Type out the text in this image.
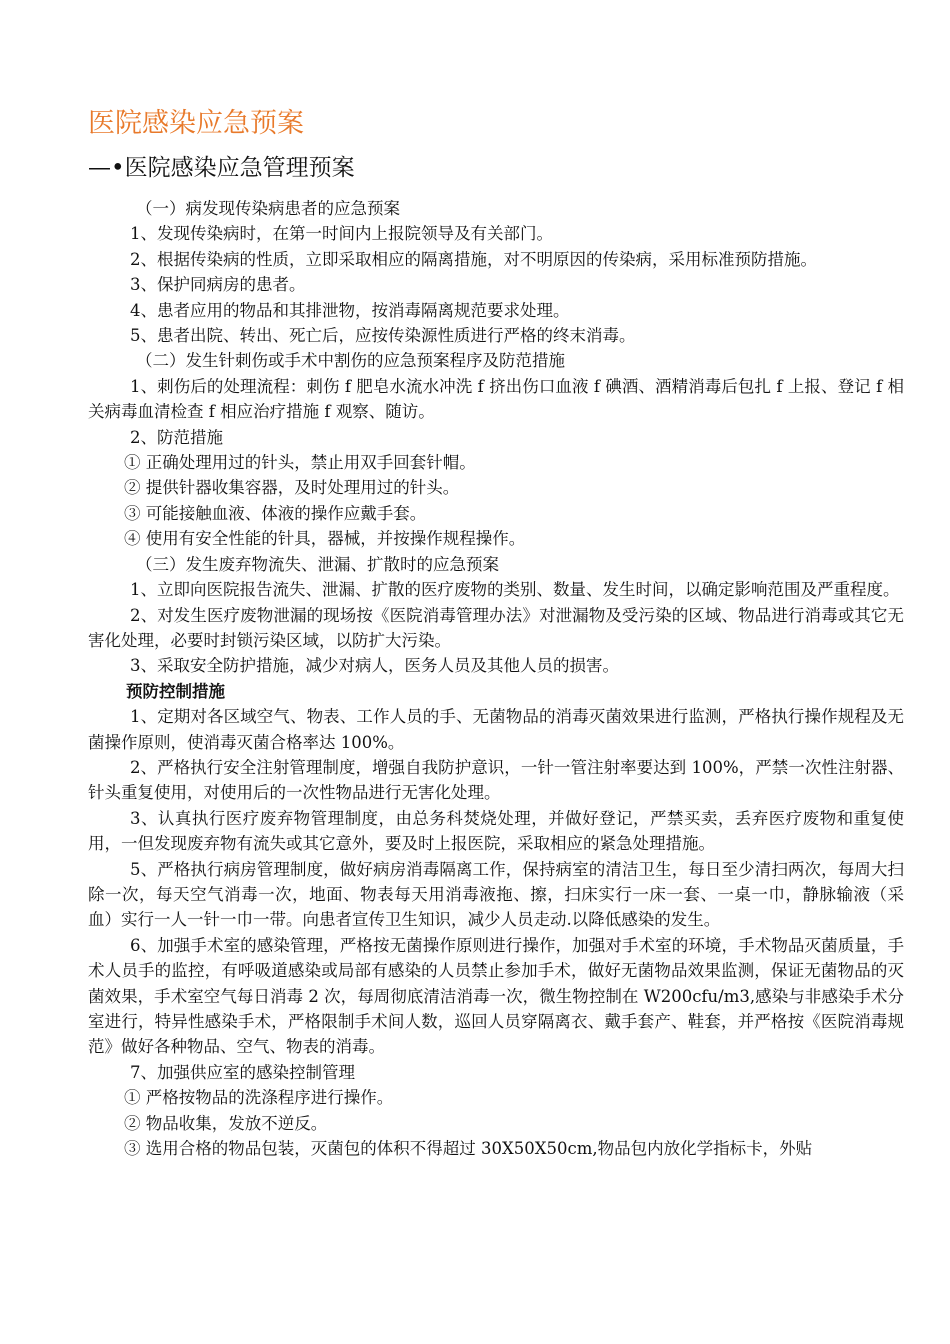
医院感染应急预案
—•医院感染应急管理预案

（一）病发现传染病患者的应急预案

1、发现传染病时，在第一时间内上报院领导及有关部门。

2、根据传染病的性质，立即采取相应的隔离措施，对不明原因的传染病，采用标准预防措施。

3、保护同病房的患者。

4、患者应用的物品和其排泄物，按消毒隔离规范要求处理。

5、患者出院、转出、死亡后，应按传染源性质进行严格的终末消毒。

（二）发生针刺伤或手术中割伤的应急预案程序及防范措施

1、刺伤后的处理流程：刺伤 f 肥皂水流水冲洗 f 挤出伤口血液 f 碘酒、酒精消毒后包扎 f 上报、登记 f 相关病毒血清检查 f 相应治疗措施 f 观察、随访。

2、防范措施

① 正确处理用过的针头，禁止用双手回套针帽。

② 提供针器收集容器，及时处理用过的针头。

③ 可能接触血液、体液的操作应戴手套。

④ 使用有安全性能的针具，器械，并按操作规程操作。

（三）发生废弃物流失、泄漏、扩散时的应急预案

1、立即向医院报告流失、泄漏、扩散的医疗废物的类别、数量、发生时间，以确定影响范围及严重程度。

2、对发生医疗废物泄漏的现场按《医院消毒管理办法》对泄漏物及受污染的区域、物品进行消毒或其它无害化处理，必要时封锁污染区域，以防扩大污染。

3、采取安全防护措施，减少对病人，医务人员及其他人员的损害。

预防控制措施

1、定期对各区域空气、物表、工作人员的手、无菌物品的消毒灭菌效果进行监测，严格执行操作规程及无菌操作原则，使消毒灭菌合格率达 100%。

2、严格执行安全注射管理制度，增强自我防护意识，一针一管注射率要达到 100%，严禁一次性注射器、针头重复使用，对使用后的一次性物品进行无害化处理。

3、认真执行医疗废弃物管理制度，由总务科焚烧处理，并做好登记，严禁买卖，丢弃医疗废物和重复使用，一但发现废弃物有流失或其它意外，要及时上报医院，采取相应的紧急处理措施。

5、严格执行病房管理制度，做好病房消毒隔离工作，保持病室的清洁卫生，每日至少清扫两次，每周大扫除一次，每天空气消毒一次，地面、物表每天用消毒液拖、擦，扫床实行一床一套、一桌一巾，静脉输液（采血）实行一人一针一巾一带。向患者宣传卫生知识，减少人员走动.以降低感染的发生。

6、加强手术室的感染管理，严格按无菌操作原则进行操作，加强对手术室的环境，手术物品灭菌质量，手术人员手的监控，有呼吸道感染或局部有感染的人员禁止参加手术，做好无菌物品效果监测，保证无菌物品的灭菌效果，手术室空气每日消毒 2 次，每周彻底清洁消毒一次，微生物控制在 W200cfu/m3,感染与非感染手术分室进行，特异性感染手术，严格限制手术间人数，巡回人员穿隔离衣、戴手套产、鞋套，并严格按《医院消毒规范》做好各种物品、空气、物表的消毒。

7、加强供应室的感染控制管理

① 严格按物品的洗涤程序进行操作。

② 物品收集，发放不逆反。

③ 选用合格的物品包装，灭菌包的体积不得超过 30X50X50cm,物品包内放化学指标卡，外贴
